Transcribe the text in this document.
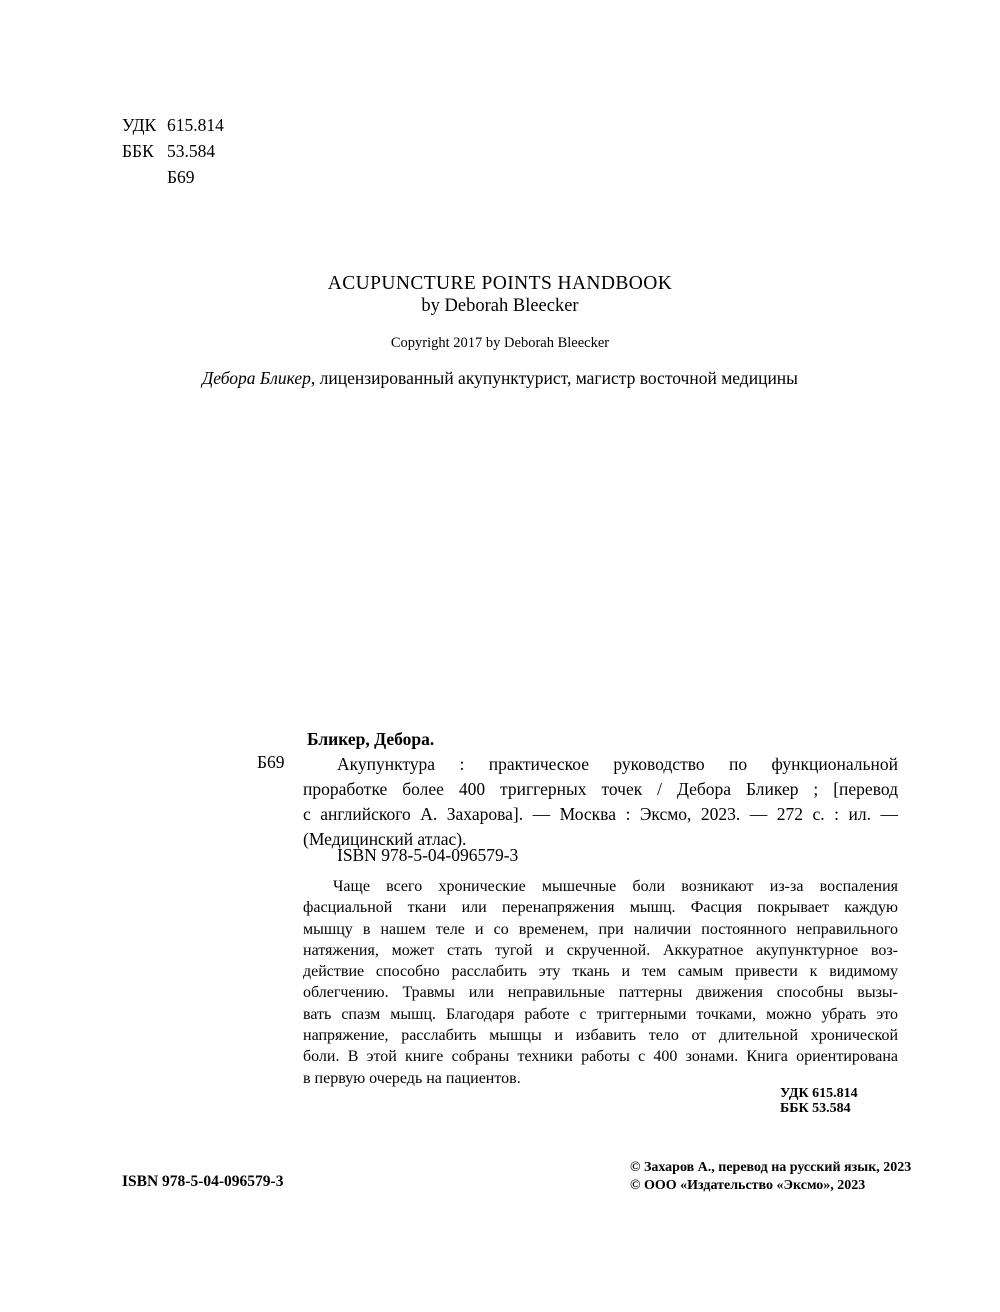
УДК 615.814
ББК 53.584
Б69
ACUPUNCTURE POINTS HANDBOOK
by Deborah Bleecker
Copyright 2017 by Deborah Bleecker
Дебора Бликер, лицензированный акупунктурист, магистр восточной медицины
Бликер, Дебора.
Б69	Акупунктура : практическое руководство по функциональной
проработке более 400 триггерных точек / Дебора Бликер ; [перевод
с английского А. Захарова]. — Москва : Эксмо, 2023. — 272 с. : ил. —
(Медицинский атлас).
ISBN 978-5-04-096579-3
Чаще всего хронические мышечные боли возникают из-за воспаления
фасциальной ткани или перенапряжения мышц. Фасция покрывает каждую
мышцу в нашем теле и со временем, при наличии постоянного неправильного
натяжения, может стать тугой и скрученной. Аккуратное акупунктурное воз-
действие способно расслабить эту ткань и тем самым привести к видимому
облегчению. Травмы или неправильные паттерны движения способны вызы-
вать спазм мышц. Благодаря работе с триггерными точками, можно убрать это
напряжение, расслабить мышцы и избавить тело от длительной хронической
боли. В этой книге собраны техники работы с 400 зонами. Книга ориентирована
в первую очередь на пациентов.
УДК 615.814
ББК 53.584
ISBN 978-5-04-096579-3
© Захаров А., перевод на русский язык, 2023
© ООО «Издательство «Эксмо», 2023
